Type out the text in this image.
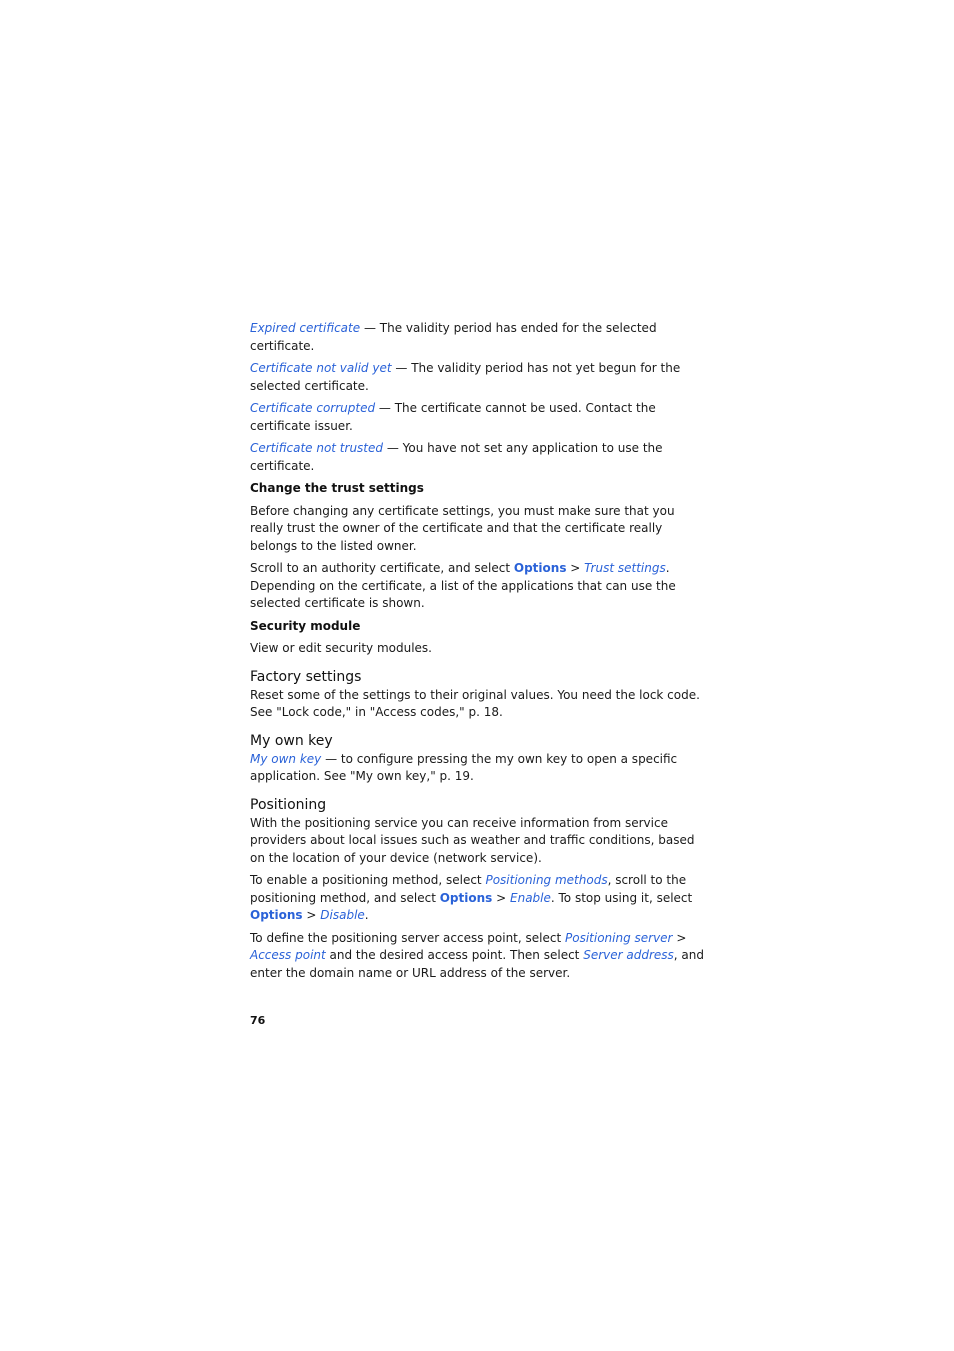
Expired certificate — The validity period has ended for the selected certificate.

Certificate not valid yet — The validity period has not yet begun for the selected certificate.

Certificate corrupted — The certificate cannot be used. Contact the certificate issuer.

Certificate not trusted — You have not set any application to use the certificate.

Change the trust settings

Before changing any certificate settings, you must make sure that you really trust the owner of the certificate and that the certificate really belongs to the listed owner.

Scroll to an authority certificate, and select Options > Trust settings. Depending on the certificate, a list of the applications that can use the selected certificate is shown.

Security module

View or edit security modules.

Factory settings

Reset some of the settings to their original values. You need the lock code. See "Lock code," in "Access codes," p. 18.

My own key

My own key — to configure pressing the my own key to open a specific application. See "My own key," p. 19.

Positioning

With the positioning service you can receive information from service providers about local issues such as weather and traffic conditions, based on the location of your device (network service).

To enable a positioning method, select Positioning methods, scroll to the positioning method, and select Options > Enable. To stop using it, select Options > Disable.

To define the positioning server access point, select Positioning server > Access point and the desired access point. Then select Server address, and enter the domain name or URL address of the server.

76
